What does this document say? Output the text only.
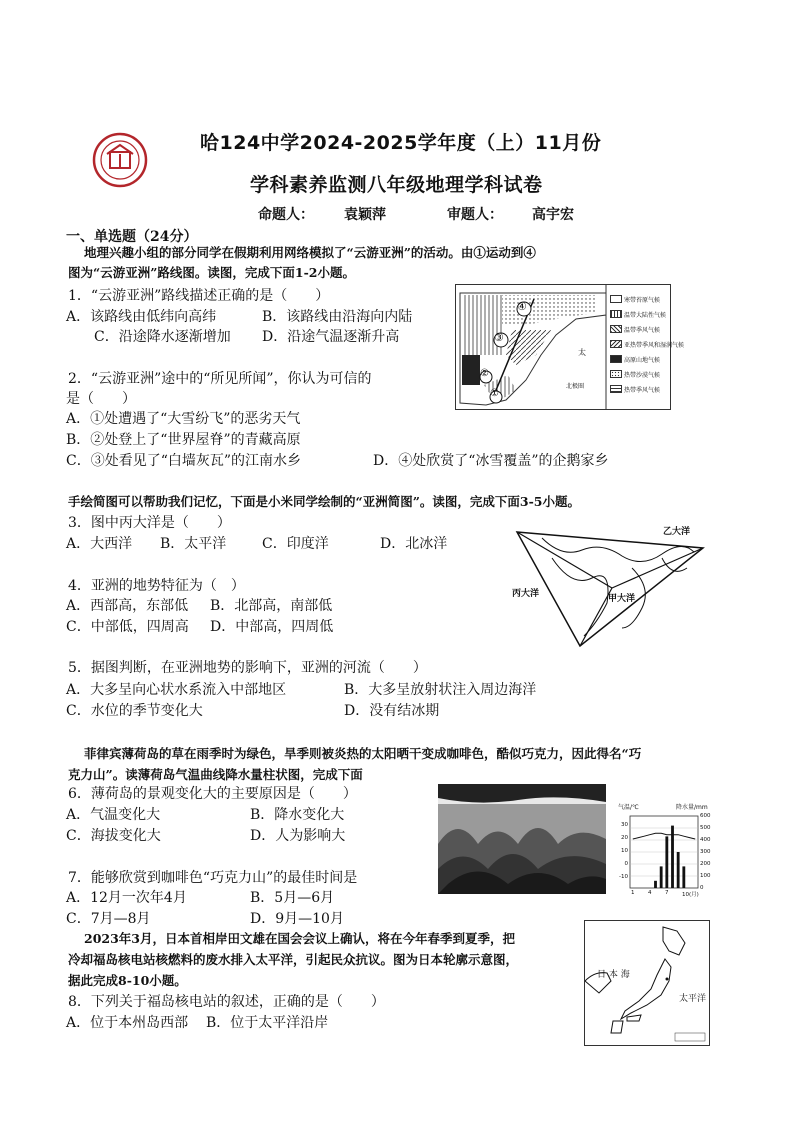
哈124中学2024-2025学年度（上）11月份
学科素养监测八年级地理学科试卷
命题人： 袁颖萍	审题人： 高宇宏
一、单选题（24分）
地理兴趣小组的部分同学在假期利用网络模拟了“云游亚洲”的活动。由①运动到④
图为“云游亚洲”路线图。读图，完成下面1-2小题。
1．“云游亚洲”路线描述正确的是（　　）
A．该路线由低纬向高纬	B．该路线由沿海向内陆
C．沿途降水逐渐增加 D．沿途气温逐渐升高
2．“云游亚洲”途中的“所见所闻”，你认为可信的
是（　　）
A．①处遭遇了“大雪纷飞”的恶劣天气
B．②处登上了“世界屋脊”的青藏高原
C．③处看见了“白墙灰瓦”的江南水乡	D．④处欣赏了“冰雪覆盖”的企鹅家乡
①
②
③
④
太
北极圈
寒带苔原气候
温带大陆性气候
温带季风气候
亚热带季风和湿润气候
高原山地气候
热带沙漠气候
热带季风气候
手绘简图可以帮助我们记忆，下面是小米同学绘制的“亚洲简图”。读图，完成下面3-5小题。
3．图中丙大洋是（　　）
A．大西洋 B．太平洋	C．印度洋	D．北冰洋
4．亚洲的地势特征为（　）
A．西部高，东部低 B．北部高，南部低
C．中部低，四周高 D．中部高，四周低
乙大洋
丙大洋	甲大洋
5．据图判断，在亚洲地势的影响下，亚洲的河流（　　）
A．大多呈向心状水系流入中部地区	B．大多呈放射状注入周边海洋
C．水位的季节变化大	D．没有结冰期
菲律宾薄荷岛的草在雨季时为绿色，旱季则被炎热的太阳晒干变成咖啡色，酷似巧克力，因此得名“巧
克力山”。读薄荷岛气温曲线降水量柱状图，完成下面
6．薄荷岛的景观变化大的主要原因是（　　）
A．气温变化大	B．降水变化大
C．海拔变化大	D．人为影响大
7．能够欣赏到咖啡色“巧克力山”的最佳时间是
A．12月一次年4月	B．5月—6月
C．7月—8月	D．9月—10月
气温/℃	降水量/mm
30
20
10
0
-10
600
500
400
300
200
100
0
1 4 7 10(月)
2023年3月，日本首相岸田文雄在国会会议上确认，将在今年春季到夏季，把
冷却福岛核电站核燃料的废水排入太平洋，引起民众抗议。图为日本轮廓示意图，
据此完成8-10小题。
8．下列关于福岛核电站的叙述，正确的是（　　）
A．位于本州岛西部 B．位于太平洋沿岸
日 本 海
太平洋
